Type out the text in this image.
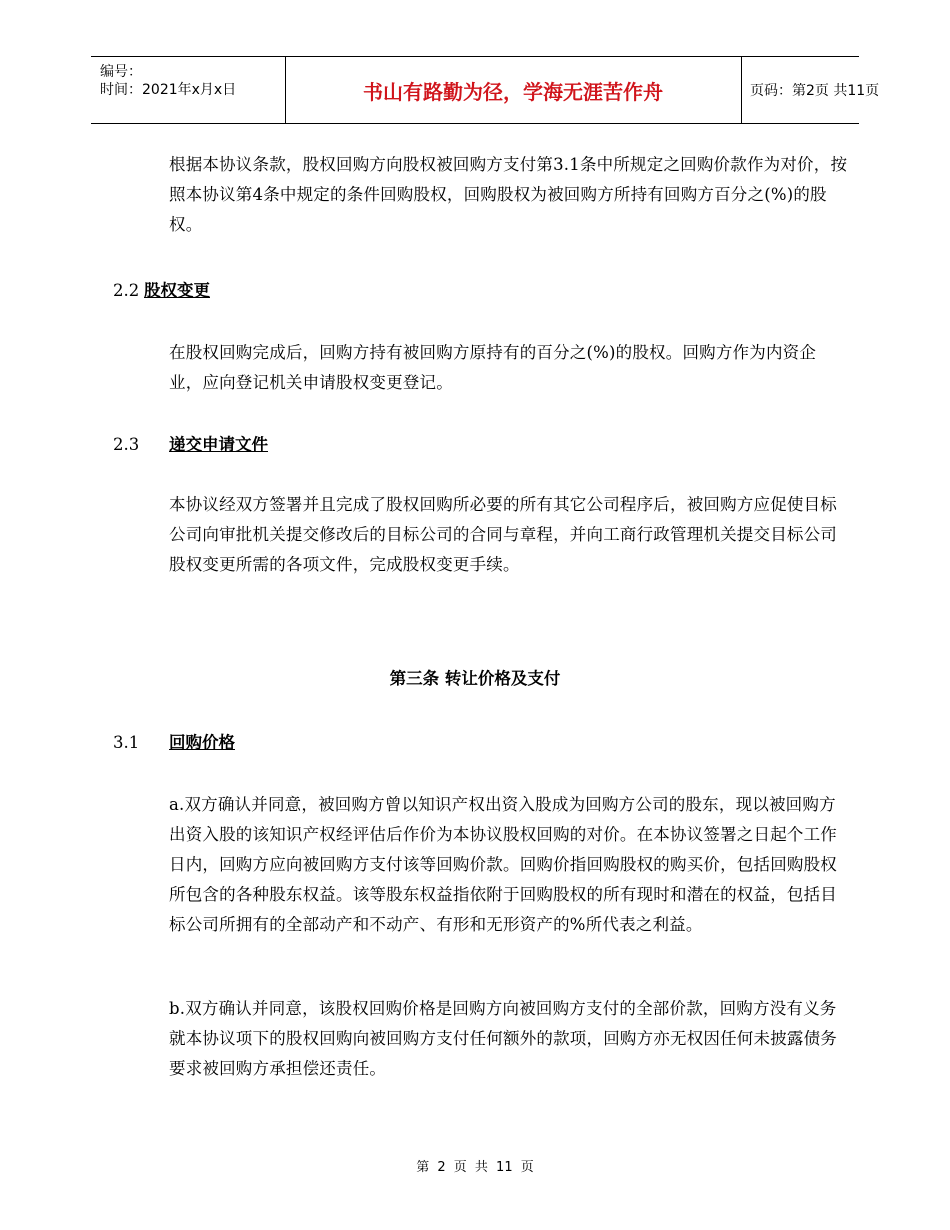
编号：
时间：2021年x月x日	书山有路勤为径，学海无涯苦作舟	页码：第2页 共11页
根据本协议条款，股权回购方向股权被回购方支付第3.1条中所规定之回购价款作为对价，按照本协议第4条中规定的条件回购股权，回购股权为被回购方所持有回购方百分之(%)的股权。
2.2 股权变更
在股权回购完成后，回购方持有被回购方原持有的百分之(%)的股权。回购方作为内资企业，应向登记机关申请股权变更登记。
2.3 递交申请文件
本协议经双方签署并且完成了股权回购所必要的所有其它公司程序后，被回购方应促使目标公司向审批机关提交修改后的目标公司的合同与章程，并向工商行政管理机关提交目标公司股权变更所需的各项文件，完成股权变更手续。
第三条 转让价格及支付
3.1 回购价格
a.双方确认并同意，被回购方曾以知识产权出资入股成为回购方公司的股东，现以被回购方出资入股的该知识产权经评估后作价为本协议股权回购的对价。在本协议签署之日起个工作日内，回购方应向被回购方支付该等回购价款。回购价指回购股权的购买价，包括回购股权所包含的各种股东权益。该等股东权益指依附于回购股权的所有现时和潜在的权益，包括目标公司所拥有的全部动产和不动产、有形和无形资产的%所代表之利益。
b.双方确认并同意，该股权回购价格是回购方向被回购方支付的全部价款，回购方没有义务就本协议项下的股权回购向被回购方支付任何额外的款项，回购方亦无权因任何未披露债务要求被回购方承担偿还责任。
第 2 页 共 11 页
